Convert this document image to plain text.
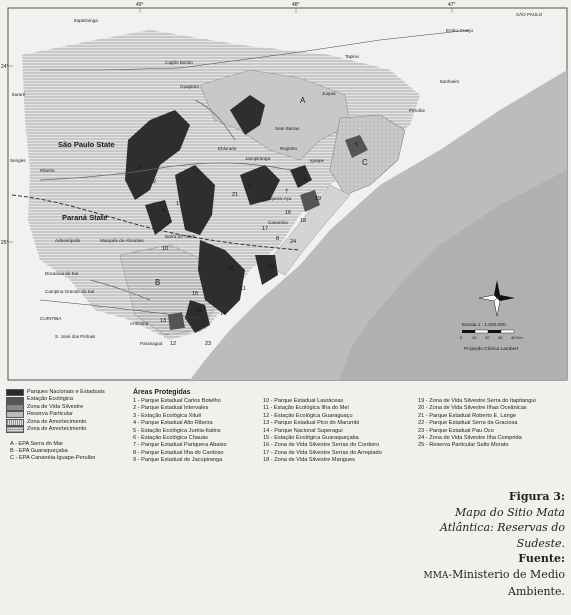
São Paulo State
Paraná State
49°	48°	47°
24°
25°
A
B
C
1
2
3
4
5
6
7
8
9
10
11
12
13
14
15
16
17
18
19
20
21
22
23
24
25
SÃO PAULO
Embu-Guaçu
Itapetininga
Tapiraí
Capão Bonito
Guapiara
Juquiá
Itanhaém
Peruíbe
Eldorado
Sete Barras
Registro
Iguape
Jacupiranga
Pariquera-Açu
Ribeira
Cananéia
Barra do Turvo
Adrianópolis	Marquês de Abrantes
Bocaiúva do Sul
Campina Grande do Sul
CURITIBA
S. José dos Pinhais
Antonina
Paranaguá
Itararé
Sengés
Escala 1 : 1.000.000
0 10 20 30 40 Km
Projeção Cônica Lambert
Parques Nacionais e Estaduais
Estação Ecológica
Zona de Vida Silvestre
Reserva Particular
Zona de Amortecimento
Zona de Amortecimento
A - EPA Serra do Mar
B - EPA Guaraqueçaba
C - EPA Cananéia-Iguape-Peruíbe
Áreas Protegidas
1 - Parque Estadual Carlos Botelho
2 - Parque Estadual Intervales
3 - Estação Ecológica Xituê
4 - Parque Estadual Alto Ribeira
5 - Estação Ecológica Juréia-Itatins
6 - Estação Ecológica Chauás
7 - Parque Estadual Pariquera Abaixo
8 - Parque Estadual Ilha do Cardoso
9 - Parque Estadual de Jacupiranga
10 - Parque Estadual Lauráceas
11 - Estação Ecológica Ilha do Mel
12 - Estação Ecológica Guaraguaçu
13 - Parque Estadual Pico do Marumbi
14 - Parque Nacional Superagui
15 - Estação Ecológica Guaraqueçaba
16 - Zona de Vida Silvestre Serras do Cordeiro
17 - Zona de Vida Silvestre Serras do Arrepiado
18 - Zona de Vida Silvestre Mangues
19 - Zona de Vida Silvestre Serra do Itapitangui
20 - Zona de Vida Silvestre Ilhas Oceânicas
21 - Parque Estadual Roberto E. Lange
22 - Parque Estadual Serra da Graciosa
23 - Parque Estadual Pau Oco
24 - Zona de Vida Silvestre Ilha Comprida
25 - Reserva Particular Salto Morato
Figura 3:
Mapa do Sitio Mata
Atlântica: Reservas do
Sudeste.
Fuente:
MMA-Ministerio de Medio
Ambiente.
